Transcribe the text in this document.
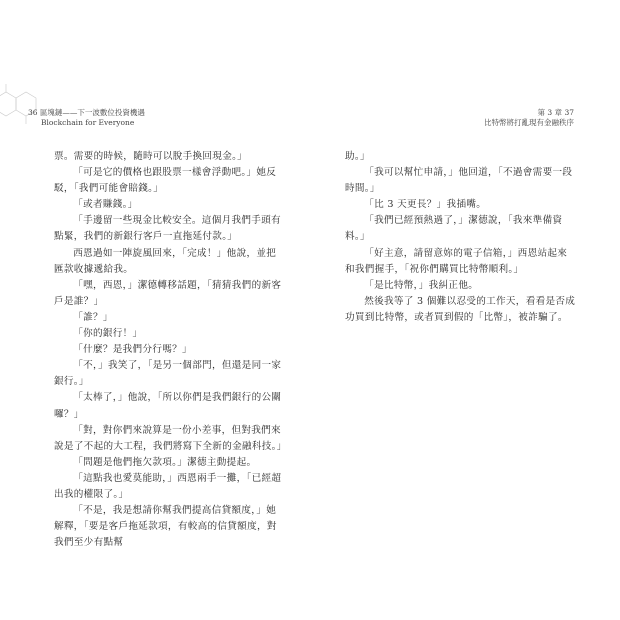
36 區塊鏈——下一波數位投資機遇
Blockchain for Everyone
第 3 章 37
比特幣將打亂現有金融秩序

票。需要的時候，隨時可以脫手換回現金。」

「可是它的價格也跟股票一樣會浮動吧。」她反駁，「我們可能會賠錢。」

「或者賺錢。」

「手邊留一些現金比較安全。這個月我們手頭有點緊，我們的新銀行客戶一直拖延付款。」

西恩過如一陣旋風回來，「完成！」他說，並把匯款收據遞給我。

「嘿，西恩，」潔德轉移話題，「猜猜我們的新客戶是誰？」

「誰？」

「你的銀行！」

「什麼？是我們分行嗎？」

「不，」我笑了，「是另一個部門，但還是同一家銀行。」

「太棒了，」他說，「所以你們是我們銀行的公關囉？」

「對，對你們來說算是一份小差事，但對我們來說是了不起的大工程，我們將寫下全新的金融科技。」

「問題是他們拖欠款項。」潔德主動提起。

「這點我也愛莫能助，」西恩兩手一攤，「已經超出我的權限了。」

「不是，我是想請你幫我們提高信貸額度，」她解釋，「要是客戶拖延款項，有較高的信貸額度，對我們至少有點幫

助。」

「我可以幫忙申請，」他回道，「不過會需要一段時間。」

「比 3 天更長？」我插嘴。

「我們已經預熱過了，」潔德說，「我來準備資料。」

「好主意，請留意妳的電子信箱，」西恩站起來和我們握手，「祝你們購買比特幣順利。」

「是比特幣，」我糾正他。

然後我等了 3 個難以忍受的工作天，看看是否成功買到比特幣，或者買到假的「比幣」，被詐騙了。
